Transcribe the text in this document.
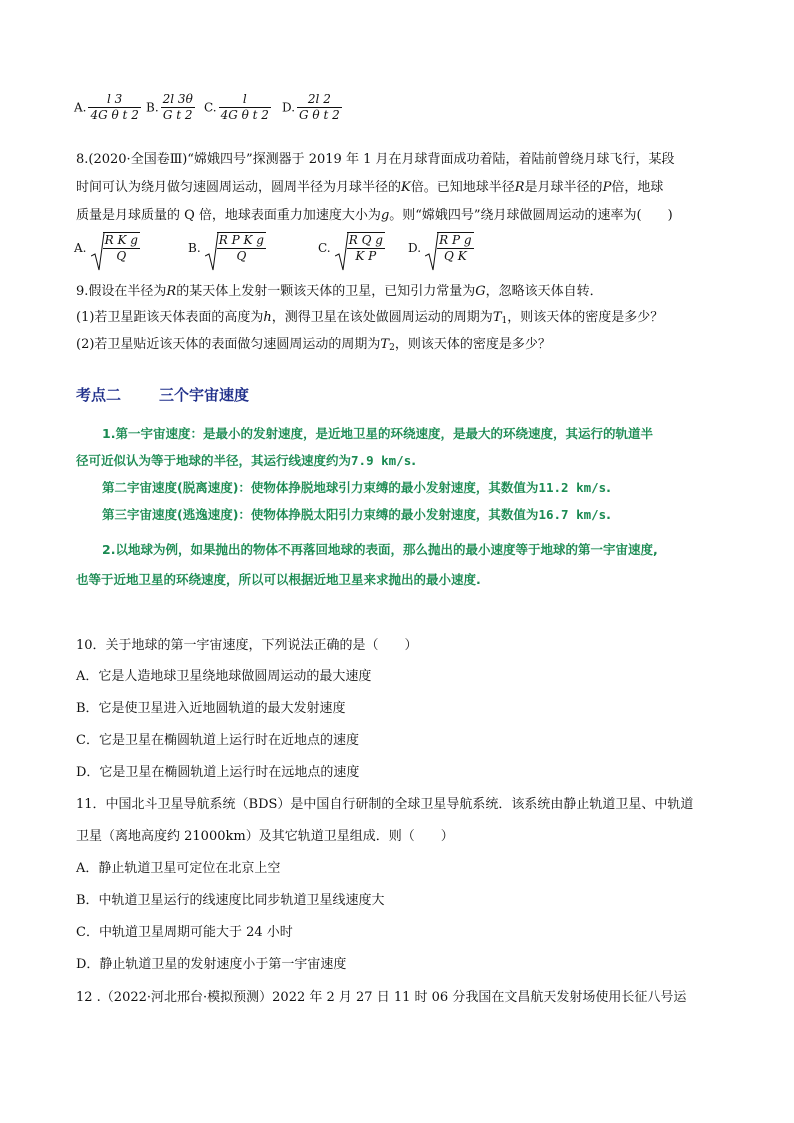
A. $\frac{l 3}{\text{4G θ t 2}} B$. $\frac{2l 3\theta}{\text{G t 2}} C$. $\frac{l}{\text{4G θ t 2}} D$. $\frac{2l 2}{\text{G θ t 2}}$
8.(2020·全国卷Ⅲ)“嫦娥四号”探测器于 2019 年 1 月在月球背面成功着陆，着陆前曾绕月球飞行，某段
时间可认为绕月做匀速圆周运动，圆周半径为月球半径的K倍。已知地球半径R是月球半径的P倍，地球
质量是月球质量的 Q 倍，地球表面重力加速度大小为g。则“嫦娥四号”绕月球做圆周运动的速率为(　　)
A. $\frac{\text{R K g}}{Q}$	B. $\frac{\text{R P K g}}{Q}$	C. $\frac{\text{R Q g}}{\text{K P}} D$. $\frac{\text{R P g}}{\text{Q K}}$
9.假设在半径为R的某天体上发射一颗该天体的卫星，已知引力常量为G，忽略该天体自转．
(1)若卫星距该天体表面的高度为h，测得卫星在该处做圆周运动的周期为$T_1$，则该天体的密度是多少？
(2)若卫星贴近该天体的表面做匀速圆周运动的周期为$T_2$，则该天体的密度是多少？
考点二	三个宇宙速度
1.第一宇宙速度：是最小的发射速度，是近地卫星的环绕速度，是最大的环绕速度，其运行的轨道半
径可近似认为等于地球的半径，其运行线速度约为7.9 km/s.
第二宇宙速度(脱离速度)：使物体挣脱地球引力束缚的最小发射速度，其数值为11.2 km/s.
第三宇宙速度(逃逸速度)：使物体挣脱太阳引力束缚的最小发射速度，其数值为16.7 km/s.
2.以地球为例，如果抛出的物体不再落回地球的表面，那么抛出的最小速度等于地球的第一宇宙速度,
也等于近地卫星的环绕速度，所以可以根据近地卫星来求抛出的最小速度.
10．关于地球的第一宇宙速度，下列说法正确的是（　　）
A．它是人造地球卫星绕地球做圆周运动的最大速度
B．它是使卫星进入近地圆轨道的最大发射速度
C．它是卫星在椭圆轨道上运行时在近地点的速度
D．它是卫星在椭圆轨道上运行时在远地点的速度
11．中国北斗卫星导航系统（BDS）是中国自行研制的全球卫星导航系统．该系统由静止轨道卫星、中轨道
卫星（离地高度约 21000km）及其它轨道卫星组成．则（　　）
A．静止轨道卫星可定位在北京上空
B．中轨道卫星运行的线速度比同步轨道卫星线速度大
C．中轨道卫星周期可能大于 24 小时
D．静止轨道卫星的发射速度小于第一宇宙速度
12 .（2022·河北邢台·模拟预测）2022 年 2 月 27 日 11 时 06 分我国在文昌航天发射场使用长征八号运
